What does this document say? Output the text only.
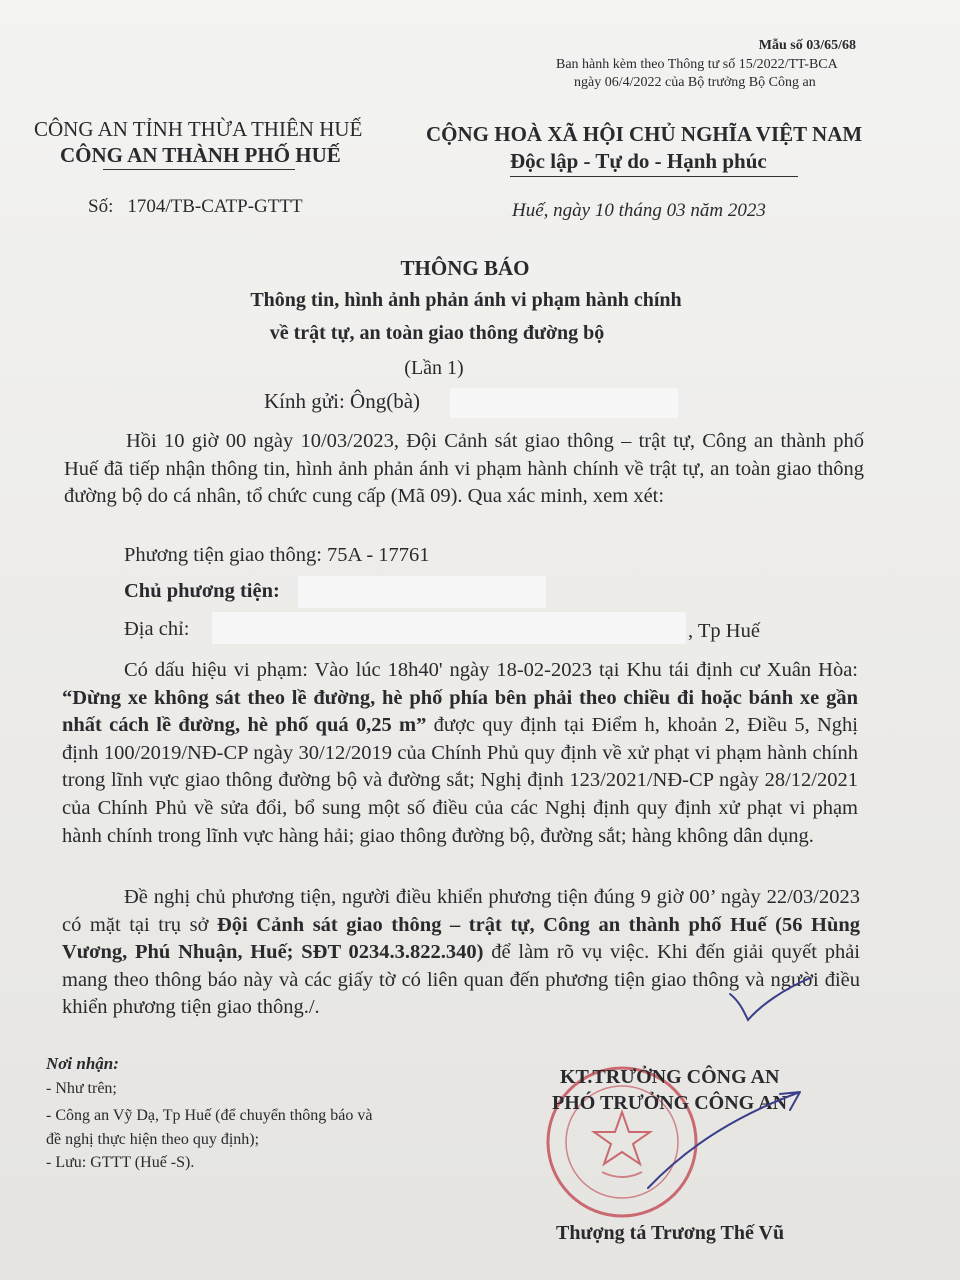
Mẫu số 03/65/68
Ban hành kèm theo Thông tư số 15/2022/TT-BCA
ngày 06/4/2022 của Bộ trưởng Bộ Công an
CÔNG AN TỈNH THỪA THIÊN HUẾ
CÔNG AN THÀNH PHỐ HUẾ
CỘNG HOÀ XÃ HỘI CHỦ NGHĨA VIỆT NAM
Độc lập - Tự do - Hạnh phúc
Số: 1704/TB-CATP-GTTT	Huế, ngày 10 tháng 03 năm 2023
THÔNG BÁO
Thông tin, hình ảnh phản ánh vi phạm hành chính
về trật tự, an toàn giao thông đường bộ
(Lần 1)
Kính gửi: Ông(bà)
Hồi 10 giờ 00 ngày 10/03/2023, Đội Cảnh sát giao thông – trật tự, Công an thành phố Huế đã tiếp nhận thông tin, hình ảnh phản ánh vi phạm hành chính về trật tự, an toàn giao thông đường bộ do cá nhân, tổ chức cung cấp (Mã 09). Qua xác minh, xem xét:
Phương tiện giao thông: 75A - 17761
Chủ phương tiện:
Địa chỉ:	, Tp Huế
Có dấu hiệu vi phạm: Vào lúc 18h40' ngày 18-02-2023 tại Khu tái định cư Xuân Hòa: “Dừng xe không sát theo lề đường, hè phố phía bên phải theo chiều đi hoặc bánh xe gần nhất cách lề đường, hè phố quá 0,25 m” được quy định tại Điểm h, khoản 2, Điều 5, Nghị định 100/2019/NĐ-CP ngày 30/12/2019 của Chính Phủ quy định về xử phạt vi phạm hành chính trong lĩnh vực giao thông đường bộ và đường sắt; Nghị định 123/2021/NĐ-CP ngày 28/12/2021 của Chính Phủ về sửa đổi, bổ sung một số điều của các Nghị định quy định xử phạt vi phạm hành chính trong lĩnh vực hàng hải; giao thông đường bộ, đường sắt; hàng không dân dụng.
Đề nghị chủ phương tiện, người điều khiển phương tiện đúng 9 giờ 00’ ngày 22/03/2023 có mặt tại trụ sở Đội Cảnh sát giao thông – trật tự, Công an thành phố Huế (56 Hùng Vương, Phú Nhuận, Huế; SĐT 0234.3.822.340) để làm rõ vụ việc. Khi đến giải quyết phải mang theo thông báo này và các giấy tờ có liên quan đến phương tiện giao thông và người điều khiển phương tiện giao thông./.
Nơi nhận:
- Như trên;
- Công an Vỹ Dạ, Tp Huế (để chuyển thông báo và
đề nghị thực hiện theo quy định);
- Lưu: GTTT (Huế -S).
KT.TRƯỞNG CÔNG AN
PHÓ TRƯỞNG CÔNG AN
Thượng tá Trương Thế Vũ
